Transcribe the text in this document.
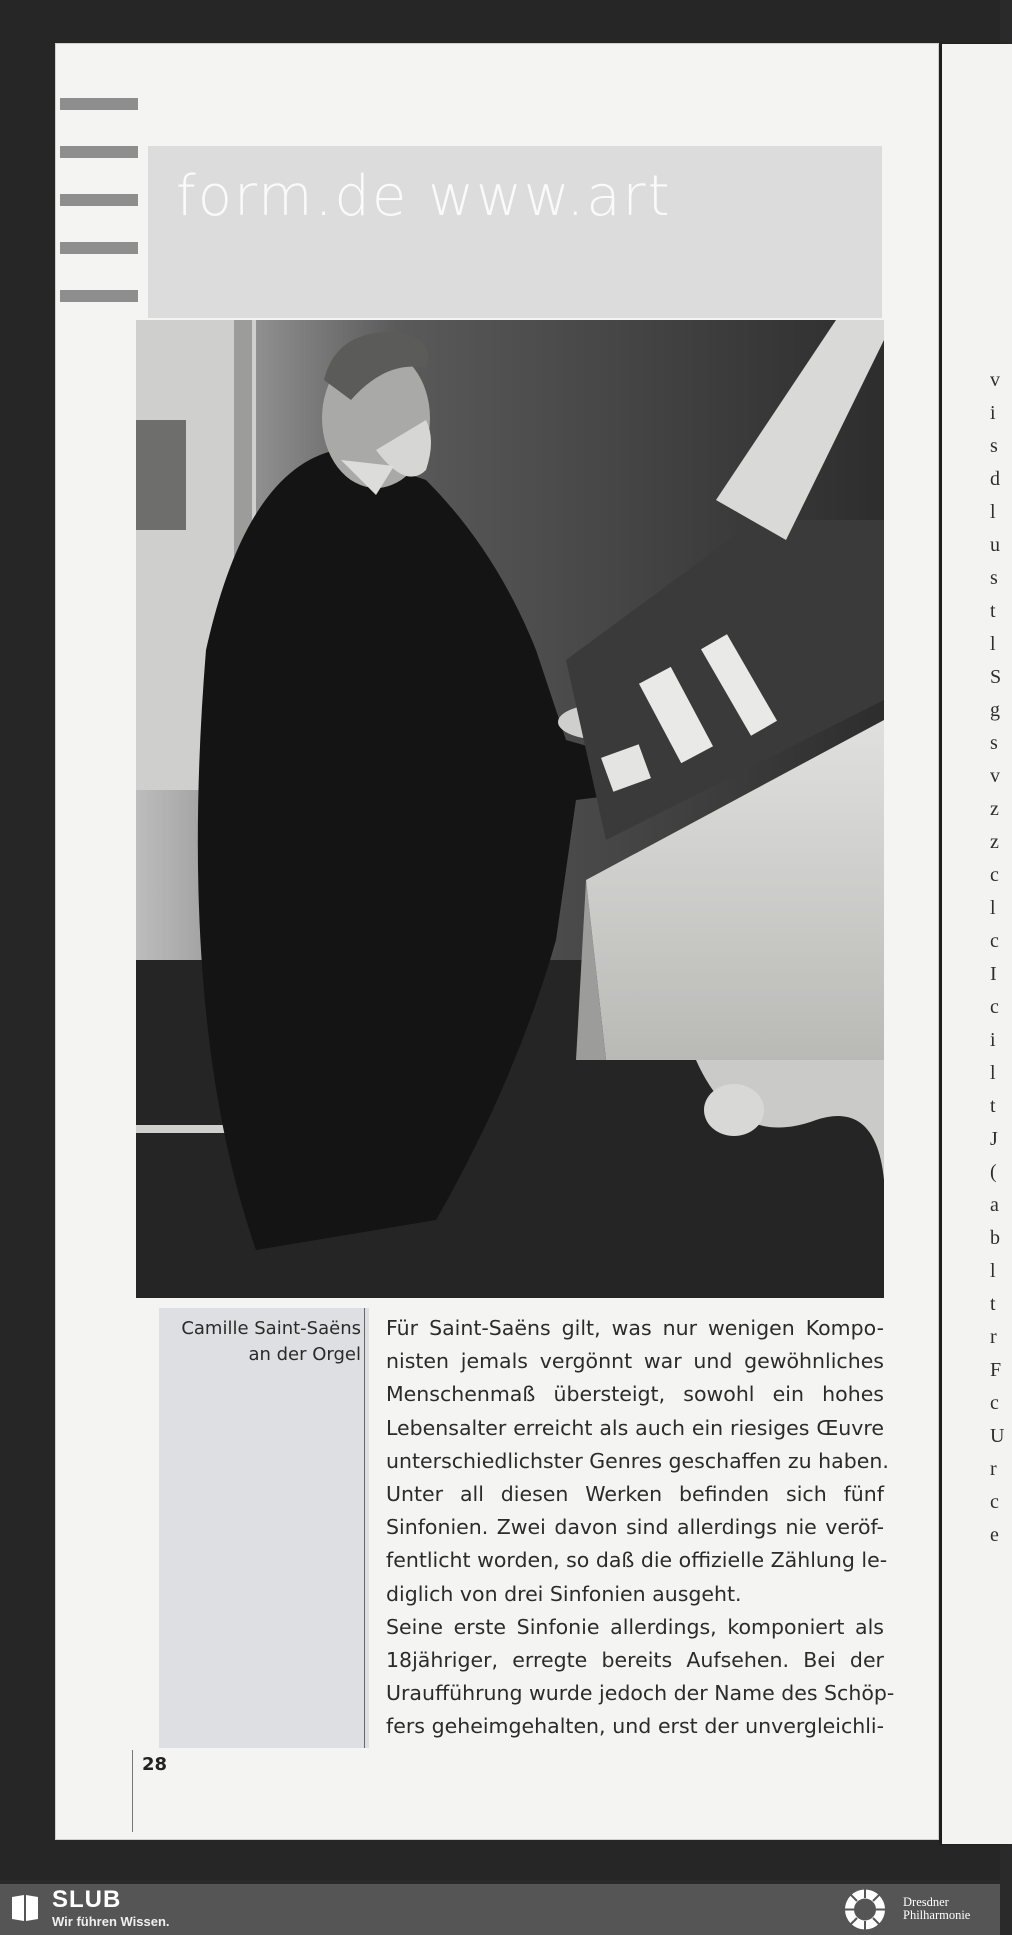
v
i
s
d
l
u
s
t
l
S
g
s
v
z
z
c
l
c
I
c
i
l
t
J
(
a
b
l
t
r
F
c
U
r
c
e
form.de www.art
Camille Saint-Saëns
an der Orgel
Für Saint-Saëns gilt, was nur wenigen Kompo-
nisten jemals vergönnt war und gewöhnliches
Menschenmaß übersteigt, sowohl ein hohes
Lebensalter erreicht als auch ein riesiges Œuvre
unterschiedlichster Genres geschaffen zu haben.
Unter all diesen Werken befinden sich fünf
Sinfonien. Zwei davon sind allerdings nie veröf-
fentlicht worden, so daß die offizielle Zählung le-
diglich von drei Sinfonien ausgeht.
Seine erste Sinfonie allerdings, komponiert als
18jähriger, erregte bereits Aufsehen. Bei der
Uraufführung wurde jedoch der Name des Schöp-
fers geheimgehalten, und erst der unvergleichli-
28
SLUB
Wir führen Wissen.
Dresdner
Philharmonie
